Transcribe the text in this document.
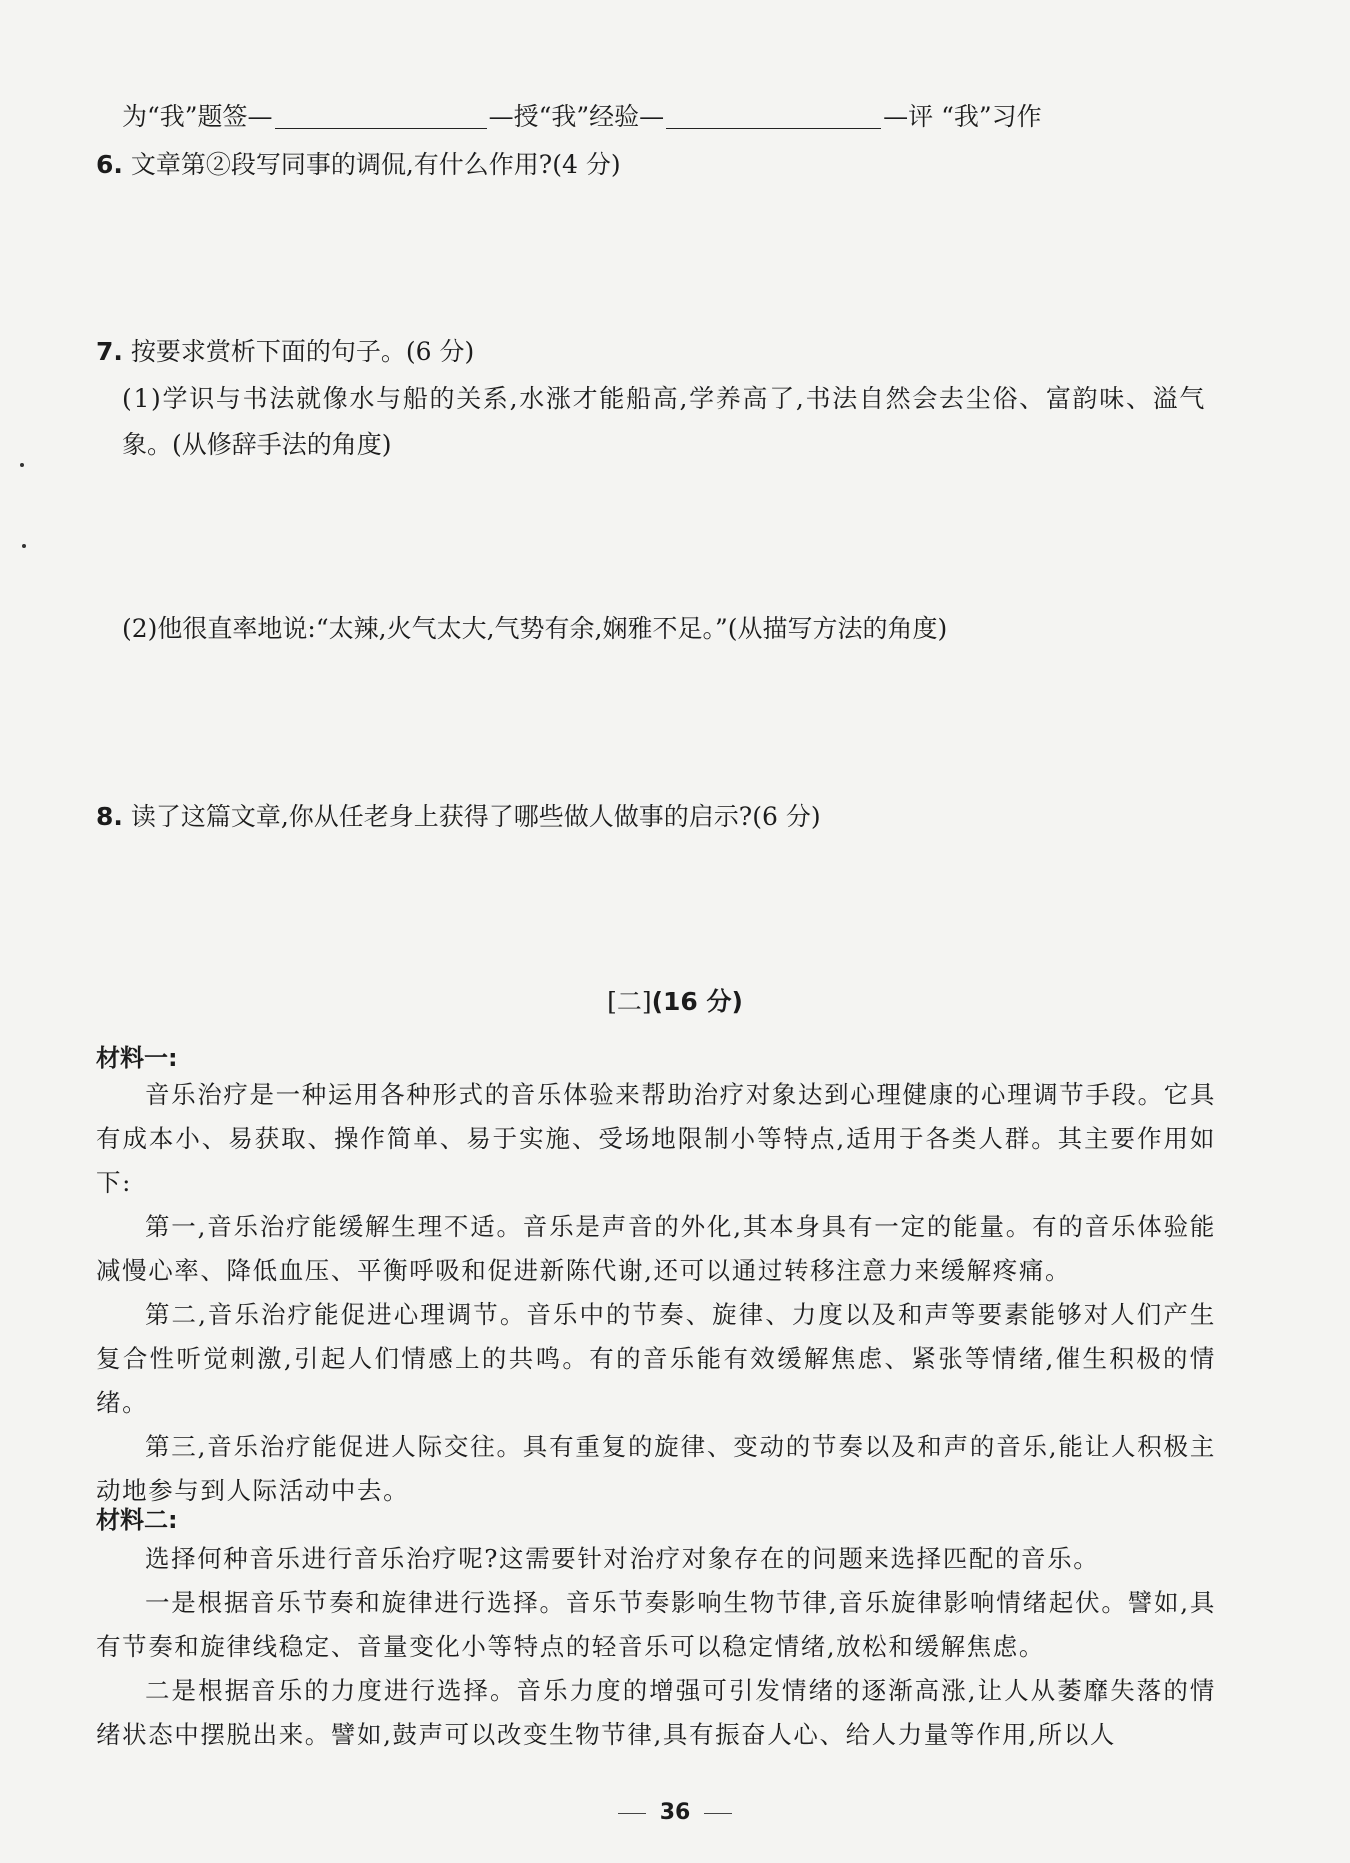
为“我”题签—	—授“我”经验—	—评 “我”习作
6. 文章第②段写同事的调侃,有什么作用?(4 分)
7. 按要求赏析下面的句子。(6 分)
(1)学识与书法就像水与船的关系,水涨才能船高,学养高了,书法自然会去尘俗、富韵味、溢气
象。(从修辞手法的角度)
(2)他很直率地说:“太辣,火气太大,气势有余,娴雅不足。”(从描写方法的角度)
8. 读了这篇文章,你从任老身上获得了哪些做人做事的启示?(6 分)
[二](16 分)
材料一:

音乐治疗是一种运用各种形式的音乐体验来帮助治疗对象达到心理健康的心理调节手段。它具有成本小、易获取、操作简单、易于实施、受场地限制小等特点,适用于各类人群。其主要作用如下:

第一,音乐治疗能缓解生理不适。音乐是声音的外化,其本身具有一定的能量。有的音乐体验能减慢心率、降低血压、平衡呼吸和促进新陈代谢,还可以通过转移注意力来缓解疼痛。

第二,音乐治疗能促进心理调节。音乐中的节奏、旋律、力度以及和声等要素能够对人们产生复合性听觉刺激,引起人们情感上的共鸣。有的音乐能有效缓解焦虑、紧张等情绪,催生积极的情绪。

第三,音乐治疗能促进人际交往。具有重复的旋律、变动的节奏以及和声的音乐,能让人积极主动地参与到人际活动中去。

材料二:

选择何种音乐进行音乐治疗呢?这需要针对治疗对象存在的问题来选择匹配的音乐。

一是根据音乐节奏和旋律进行选择。音乐节奏影响生物节律,音乐旋律影响情绪起伏。譬如,具有节奏和旋律线稳定、音量变化小等特点的轻音乐可以稳定情绪,放松和缓解焦虑。

二是根据音乐的力度进行选择。音乐力度的增强可引发情绪的逐渐高涨,让人从萎靡失落的情绪状态中摆脱出来。譬如,鼓声可以改变生物节律,具有振奋人心、给人力量等作用,所以人

36
